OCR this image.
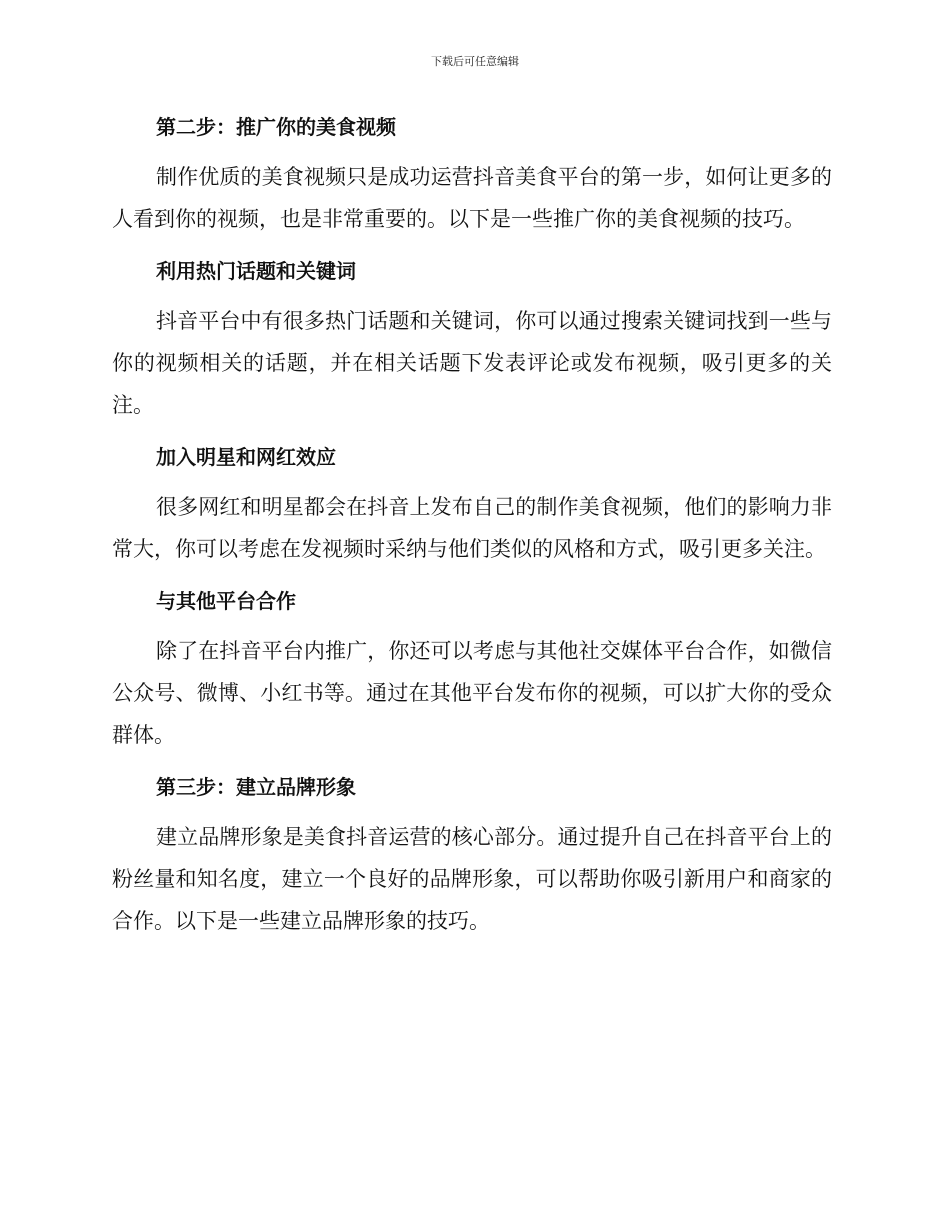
下载后可任意编辑
第二步：推广你的美食视频

制作优质的美食视频只是成功运营抖音美食平台的第一步，如何让更多的人看到你的视频，也是非常重要的。以下是一些推广你的美食视频的技巧。

利用热门话题和关键词

抖音平台中有很多热门话题和关键词，你可以通过搜索关键词找到一些与你的视频相关的话题，并在相关话题下发表评论或发布视频，吸引更多的关注。

加入明星和网红效应

很多网红和明星都会在抖音上发布自己的制作美食视频，他们的影响力非常大，你可以考虑在发视频时采纳与他们类似的风格和方式，吸引更多关注。

与其他平台合作

除了在抖音平台内推广，你还可以考虑与其他社交媒体平台合作，如微信公众号、微博、小红书等。通过在其他平台发布你的视频，可以扩大你的受众群体。

第三步：建立品牌形象

建立品牌形象是美食抖音运营的核心部分。通过提升自己在抖音平台上的粉丝量和知名度，建立一个良好的品牌形象，可以帮助你吸引新用户和商家的合作。以下是一些建立品牌形象的技巧。
